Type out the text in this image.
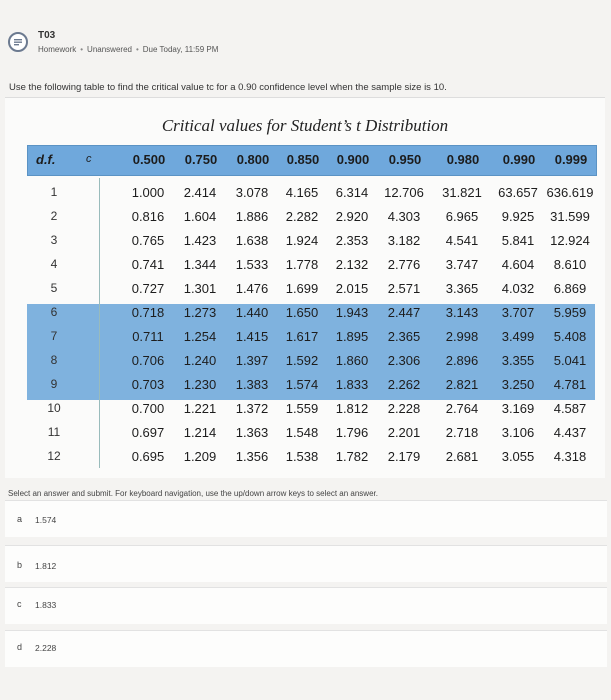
T03
Homework • Unanswered • Due Today, 11:59 PM
Use the following table to find the critical value tc for a 0.90 confidence level when the sample size is 10.
Critical values for Student’s t Distribution
d.f.	c	0.500	0.750	0.800	0.850	0.900	0.950	0.980	0.990	0.999
1	1.000	2.414	3.078	4.165	6.314	12.706	31.821	63.657 636.619
2	0.816	1.604	1.886	2.282	2.920	4.303	6.965	9.925	31.599
3	0.765	1.423	1.638	1.924	2.353	3.182	4.541	5.841	12.924
4	0.741	1.344	1.533	1.778	2.132	2.776	3.747	4.604	8.610
5	0.727	1.301	1.476	1.699	2.015	2.571	3.365	4.032	6.869
6	0.718	1.273	1.440	1.650	1.943	2.447	3.143	3.707	5.959
7	0.711	1.254	1.415	1.617	1.895	2.365	2.998	3.499	5.408
8	0.706	1.240	1.397	1.592	1.860	2.306	2.896	3.355	5.041
9	0.703	1.230	1.383	1.574	1.833	2.262	2.821	3.250	4.781
10	0.700	1.221	1.372	1.559	1.812	2.228	2.764	3.169	4.587
11	0.697	1.214	1.363	1.548	1.796	2.201	2.718	3.106	4.437
12	0.695	1.209	1.356	1.538	1.782	2.179	2.681	3.055	4.318
Select an answer and submit. For keyboard navigation, use the up/down arrow keys to select an answer.
a 1.574
b 1.812
c 1.833
d 2.228
